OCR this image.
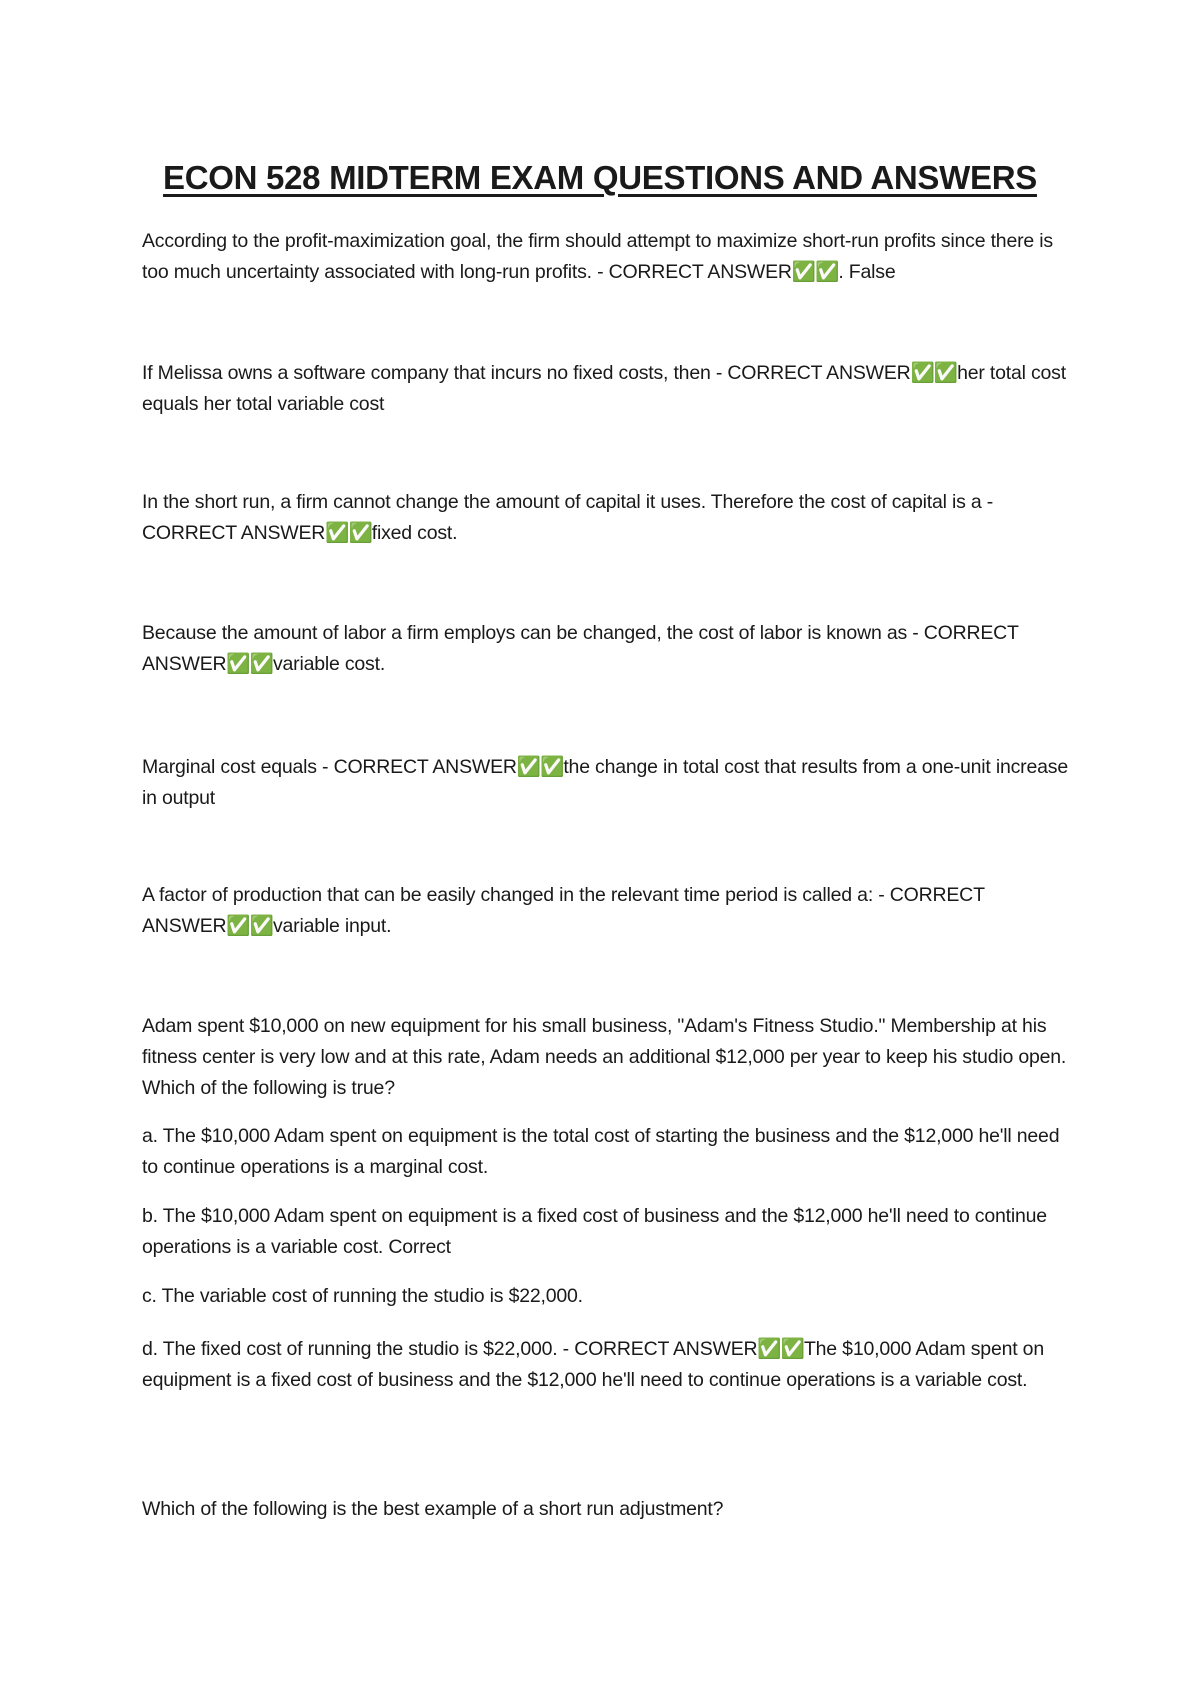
ECON 528 MIDTERM EXAM QUESTIONS AND ANSWERS

According to the profit-maximization goal, the firm should attempt to maximize short-run profits since there is too much uncertainty associated with long-run profits. - CORRECT ANSWER✅✅. False

If Melissa owns a software company that incurs no fixed costs, then - CORRECT ANSWER✅✅her total cost equals her total variable cost

In the short run, a firm cannot change the amount of capital it uses. Therefore the cost of capital is a - CORRECT ANSWER✅✅fixed cost.

Because the amount of labor a firm employs can be changed, the cost of labor is known as - CORRECT ANSWER✅✅variable cost.

Marginal cost equals - CORRECT ANSWER✅✅the change in total cost that results from a one-unit increase in output

A factor of production that can be easily changed in the relevant time period is called a: - CORRECT ANSWER✅✅variable input.

Adam spent $10,000 on new equipment for his small business, "Adam's Fitness Studio." Membership at his fitness center is very low and at this rate, Adam needs an additional $12,000 per year to keep his studio open. Which of the following is true?

a. The $10,000 Adam spent on equipment is the total cost of starting the business and the $12,000 he'll need to continue operations is a marginal cost.

b. The $10,000 Adam spent on equipment is a fixed cost of business and the $12,000 he'll need to continue operations is a variable cost. Correct

c. The variable cost of running the studio is $22,000.

d. The fixed cost of running the studio is $22,000. - CORRECT ANSWER✅✅The $10,000 Adam spent on equipment is a fixed cost of business and the $12,000 he'll need to continue operations is a variable cost.

Which of the following is the best example of a short run adjustment?
